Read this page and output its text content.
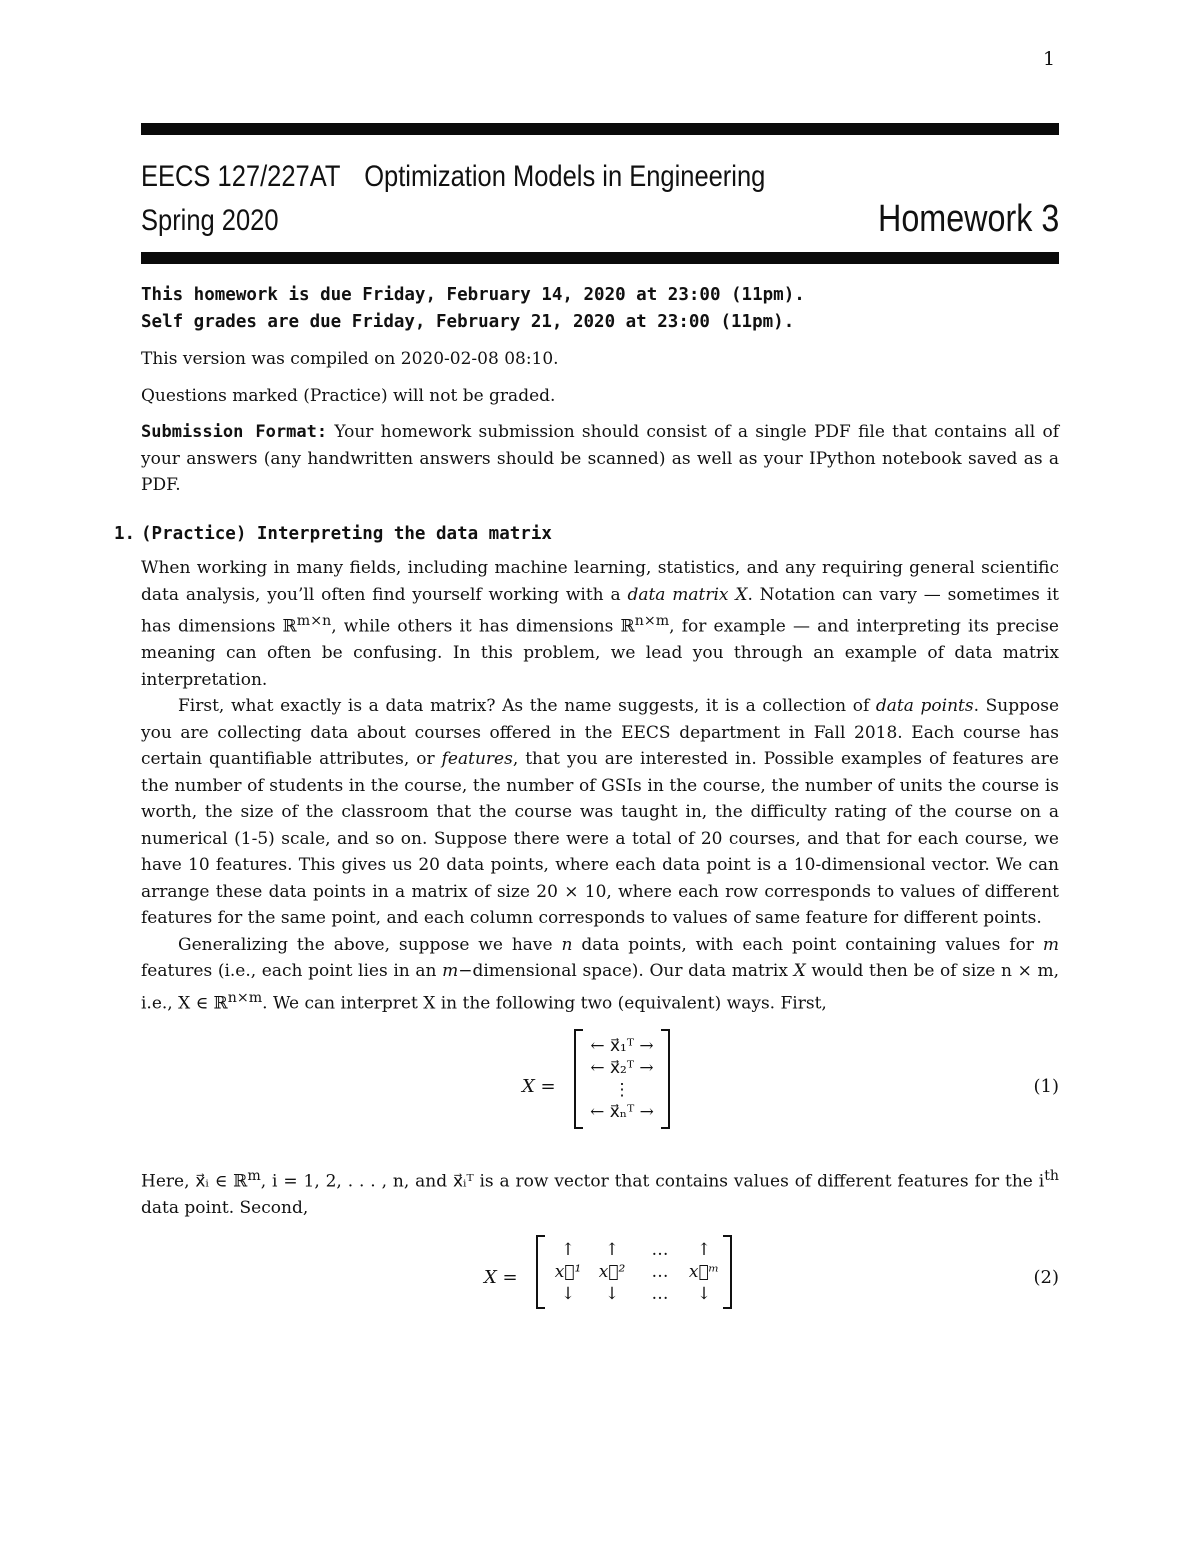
1
EECS 127/227AT Optimization Models in Engineering
Spring 2020	Homework 3

This homework is due Friday, February 14, 2020 at 23:00 (11pm).

Self grades are due Friday, February 21, 2020 at 23:00 (11pm).

This version was compiled on 2020-02-08 08:10.

Questions marked (Practice) will not be graded.

Submission Format: Your homework submission should consist of a single PDF file that contains all of your answers (any handwritten answers should be scanned) as well as your IPython notebook saved as a PDF.

1. (Practice) Interpreting the data matrix

When working in many fields, including machine learning, statistics, and any requiring general scientific data analysis, you’ll often find yourself working with a data matrix X. Notation can vary — sometimes it has dimensions ℝ$^{m\times n}$, while others it has dimensions ℝ$^{n\times m}$, for example — and interpreting its precise meaning can often be confusing. In this problem, we lead you through an example of data matrix interpretation.

First, what exactly is a data matrix? As the name suggests, it is a collection of data points. Suppose you are collecting data about courses offered in the EECS department in Fall 2018. Each course has certain quantifiable attributes, or features, that you are interested in. Possible examples of features are the number of students in the course, the number of GSIs in the course, the number of units the course is worth, the size of the classroom that the course was taught in, the difficulty rating of the course on a numerical (1-5) scale, and so on. Suppose there were a total of 20 courses, and that for each course, we have 10 features. This gives us 20 data points, where each data point is a 10-dimensional vector. We can arrange these data points in a matrix of size 20 × 10, where each row corresponds to values of different features for the same point, and each column corresponds to values of same feature for different points.

Generalizing the above, suppose we have n data points, with each point containing values for m features (i.e., each point lies in an m−dimensional space). Our data matrix X would then be of size n × m, i.e., X ∈ ℝ$^{n\times m}$. We can interpret X in the following two (equivalent) ways. First,

X =
← x⃗₁ᵀ →
← x⃗₂ᵀ →
⋮
← x⃗ₙᵀ →
(1)

Here, x⃗ᵢ ∈ ℝ$^m$, i = 1, 2, . . . , n, and x⃗ᵢᵀ is a row vector that contains values of different features for the $i^{th}$ data point. Second,

X =
↑	↑	…	↑
x⃗¹	x⃗²	…	x⃗ᵐ
↓	↓	…	↓
(2)
